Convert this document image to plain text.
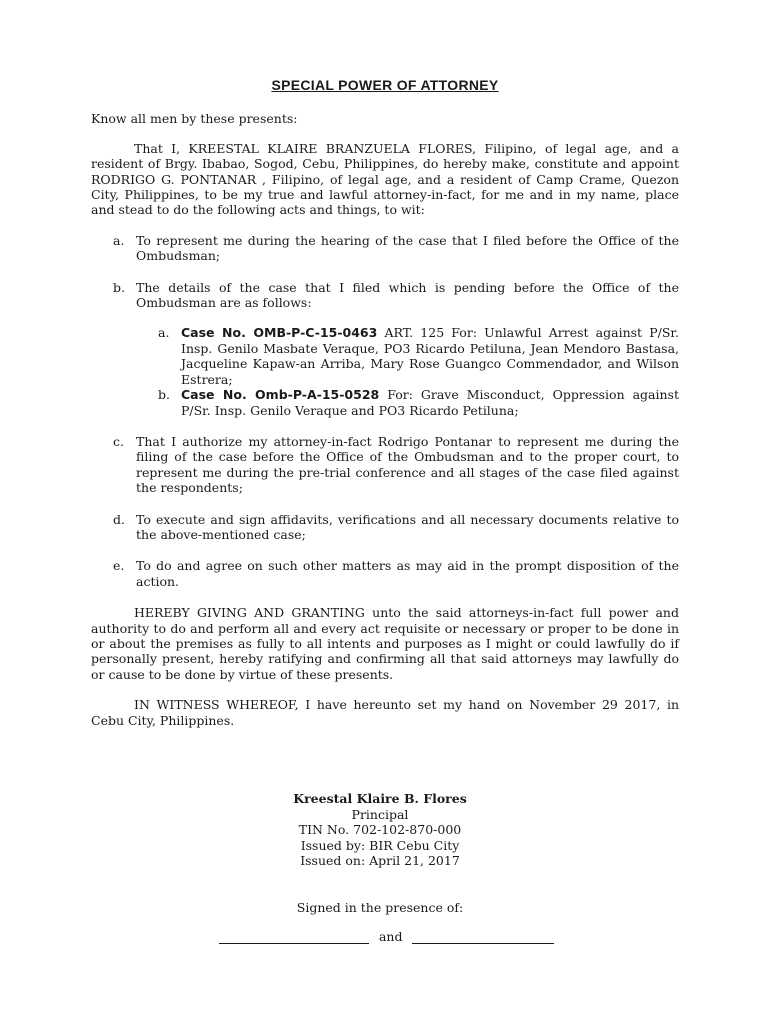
SPECIAL POWER OF ATTORNEY

Know all men by these presents:

That I, KREESTAL KLAIRE BRANZUELA FLORES, Filipino, of legal age, and a resident of Brgy. Ibabao, Sogod, Cebu, Philippines, do hereby make, constitute and appoint RODRIGO G. PONTANAR , Filipino, of legal age, and a resident of Camp Crame, Quezon City, Philippines, to be my true and lawful attorney-in-fact, for me and in my name, place and stead to do the following acts and things, to wit:

a. To represent me during the hearing of the case that I filed before the Office of the Ombudsman;
b. The details of the case that I filed which is pending before the Office of the Ombudsman are as follows:
a. Case No. OMB-P-C-15-0463 ART. 125 For: Unlawful Arrest against P/Sr. Insp. Genilo Masbate Veraque, PO3 Ricardo Petiluna, Jean Mendoro Bastasa, Jacqueline Kapaw-an Arriba, Mary Rose Guangco Commendador, and Wilson Estrera;
b. Case No. Omb-P-A-15-0528 For: Grave Misconduct, Oppression against P/Sr. Insp. Genilo Veraque and PO3 Ricardo Petiluna;
c. That I authorize my attorney-in-fact Rodrigo Pontanar to represent me during the filing of the case before the Office of the Ombudsman and to the proper court, to represent me during the pre-trial conference and all stages of the case filed against the respondents;
d. To execute and sign affidavits, verifications and all necessary documents relative to the above-mentioned case;
e. To do and agree on such other matters as may aid in the prompt disposition of the action.

HEREBY GIVING AND GRANTING unto the said attorneys-in-fact full power and authority to do and perform all and every act requisite or necessary or proper to be done in or about the premises as fully to all intents and purposes as I might or could lawfully do if personally present, hereby ratifying and confirming all that said attorneys may lawfully do or cause to be done by virtue of these presents.

IN WITNESS WHEREOF, I have hereunto set my hand on November 29 2017, in Cebu City, Philippines.

Kreestal Klaire B. Flores
Principal
TIN No. 702-102-870-000
Issued by: BIR Cebu City
Issued on: April 21, 2017
Signed in the presence of:
and
